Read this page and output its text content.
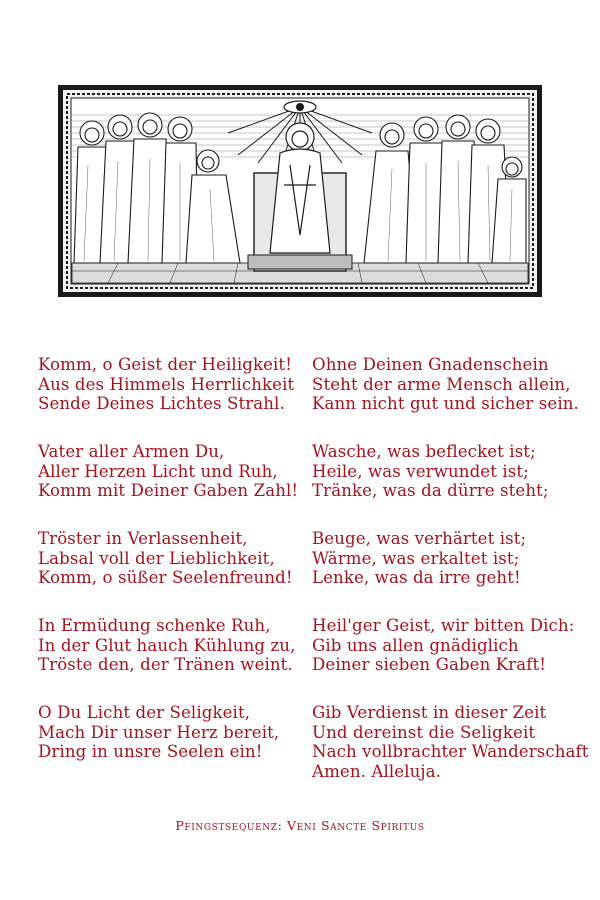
Komm, o Geist der Heiligkeit!
Aus des Himmels Herrlichkeit
Sende Deines Lichtes Strahl.
Vater aller Armen Du,
Aller Herzen Licht und Ruh,
Komm mit Deiner Gaben Zahl!
Tröster in Verlassenheit,
Labsal voll der Lieblichkeit,
Komm, o süßer Seelenfreund!
In Ermüdung schenke Ruh,
In der Glut hauch Kühlung zu,
Tröste den, der Tränen weint.
O Du Licht der Seligkeit,
Mach Dir unser Herz bereit,
Dring in unsre Seelen ein!
Ohne Deinen Gnadenschein
Steht der arme Mensch allein,
Kann nicht gut und sicher sein.
Wasche, was beflecket ist;
Heile, was verwundet ist;
Tränke, was da dürre steht;
Beuge, was verhärtet ist;
Wärme, was erkaltet ist;
Lenke, was da irre geht!
Heil'ger Geist, wir bitten Dich:
Gib uns allen gnädiglich
Deiner sieben Gaben Kraft!
Gib Verdienst in dieser Zeit
Und dereinst die Seligkeit
Nach vollbrachter Wanderschaft
Amen. Alleluja.
Pfingstsequenz: Veni Sancte Spiritus
